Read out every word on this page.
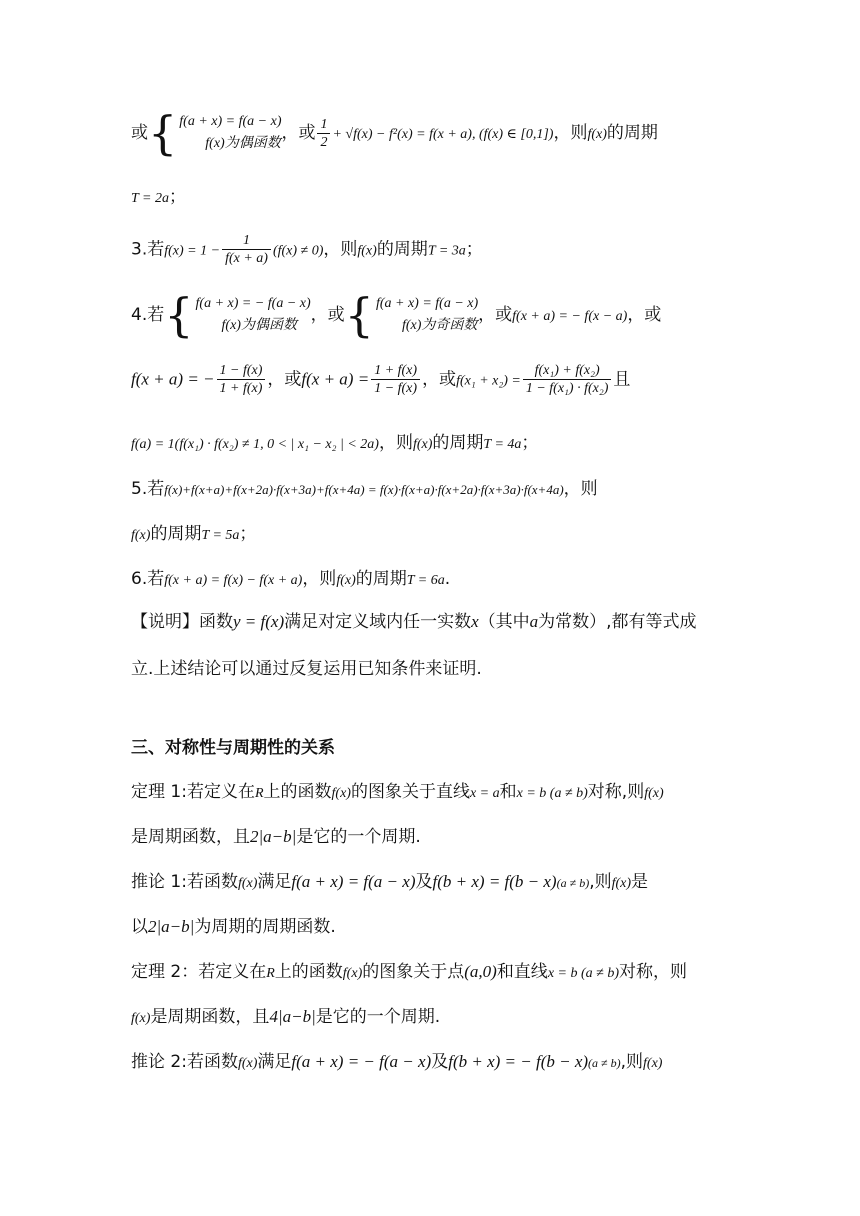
或{ f(a + x) = f(a − x)
f(x)为偶函数
，或 $\frac{1}{2} + √f(x) - f^2(x) = f(x + a)$, (f(x) ∈ [0,1])，则f(x)的周期
T = 2a；
3.若$f(x) = 1 - \frac{1}{f(x + a)} (f(x) \ne 0)$，则f(x)的周期T = 3a；
4.若{ f(a + x) = − f(a − x)
f(x)为偶函数
，或{ f(a + x) = f(a − x)
f(x)为奇函数
，或f(x + a) = − f(x − a)，或
f(x + a) = − $\frac{1 - f(x)}{1 + f(x)}$ ，或$f(x + a) = \frac{1 + f(x)}{1 - f(x)}$ ，或$f(x_1 + x_2) = \frac{\text{f(x₁) + f(x₂)}}{\text{1 − f(x₁) · f(x₂)}}$ 且
f(a) = 1(f(x₁) · f(x₂) ≠ 1, 0 < | x₁ − x₂ | < 2a)，则f(x)的周期T = 4a；
5.若f(x)+f(x+a)+f(x+2a)·f(x+3a)+f(x+4a) = f(x)·f(x+a)·f(x+2a)·f(x+3a)·f(x+4a)，则
f(x)的周期T = 5a；
6.若f(x + a) = f(x) − f(x + a)，则f(x)的周期T = 6a.
【说明】函数y = f(x)满足对定义域内任一实数x（其中a为常数）,都有等式成
立.上述结论可以通过反复运用已知条件来证明.
三、对称性与周期性的关系
定理 1:若定义在R上的函数f(x)的图象关于直线x = a和x = b (a ≠ b)对称,则f(x)
是周期函数，且2|a−b|是它的一个周期.
推论 1:若函数f(x)满足f(a + x) = f(a − x)及f(b + x) = f(b − x)(a ≠ b),则f(x)是
以2|a−b|为周期的周期函数.
定理 2：若定义在R上的函数f(x)的图象关于点(a,0)和直线x = b (a ≠ b)对称，则
f(x)是周期函数，且4|a−b|是它的一个周期.
推论 2:若函数f(x)满足f(a + x) = − f(a − x)及f(b + x) = − f(b − x)(a ≠ b),则f(x)
